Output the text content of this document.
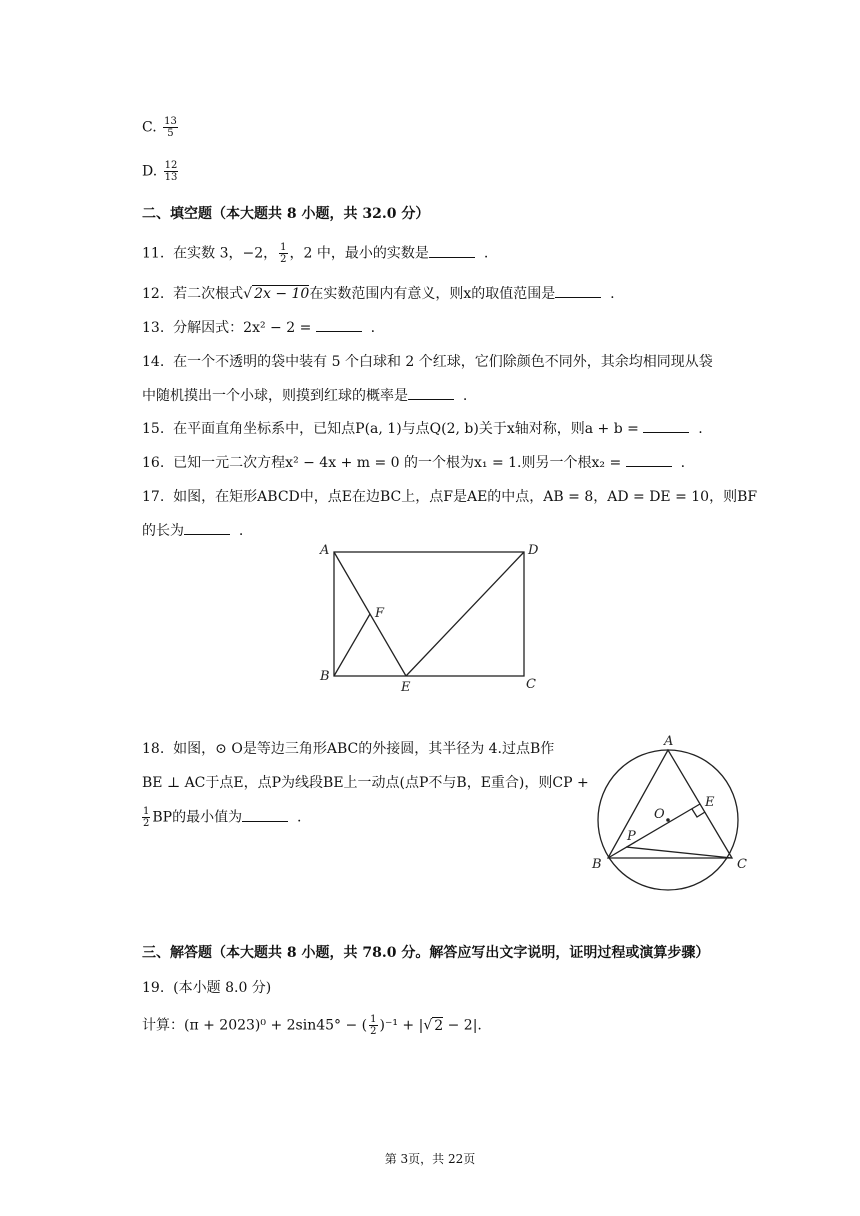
C. $\frac{13}{5}$
D. $\frac{12}{13}$
二、填空题（本大题共 8 小题，共 32.0 分）
11. 在实数 3，−2， $\frac{1}{2}$ ，2 中，最小的实数是	.
12. 若二次根式√ 2x − 10在实数范围内有意义，则x的取值范围是	.
13. 分解因式：2x² − 2 =	.
14. 在一个不透明的袋中装有 5 个白球和 2 个红球，它们除颜色不同外，其余均相同现从袋
中随机摸出一个小球，则摸到红球的概率是	.
15. 在平面直角坐标系中，已知点P(a, 1)与点Q(2, b)关于x轴对称，则a + b =	.
16. 已知一元二次方程x² − 4x + m = 0 的一个根为x₁ = 1.则另一个根x₂ =	.
17. 如图，在矩形ABCD中，点E在边BC上，点F是AE的中点，AB = 8，AD = DE = 10，则BF
的长为	.
A	D
B
C
E
F
18. 如图，⊙ O是等边三角形ABC的外接圆，其半径为 4.过点B作
BE ⊥ AC于点E，点P为线段BE上一动点(点P不与B，E重合)，则CP +
$\frac{1}{2}$ BP的最小值为	.
A
B	C
E
O
P
三、解答题（本大题共 8 小题，共 78.0 分。解答应写出文字说明，证明过程或演算步骤）
19. (本小题 8.0 分)
计算：(π + 2023)⁰ + 2sin45° − ( $\frac{1}{2} )^{-1}$ + |√ 2 − 2|.
第 3页，共 22页
